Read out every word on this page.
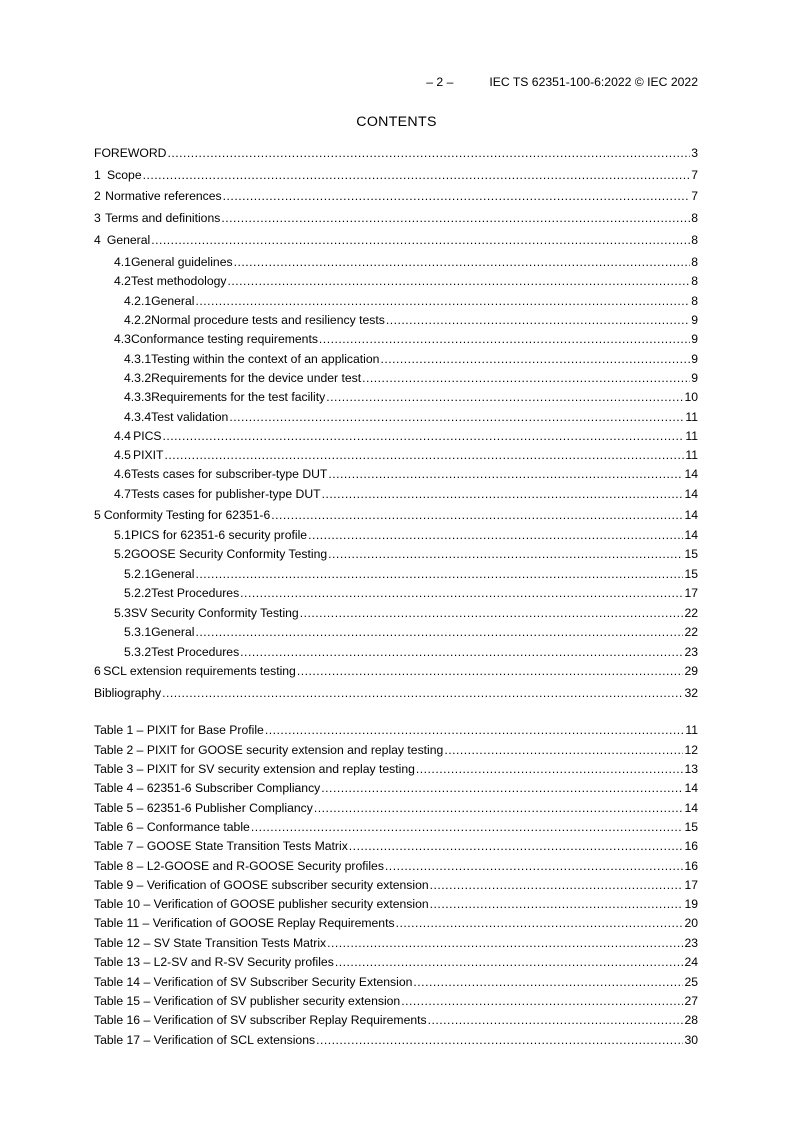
– 2 –	IEC TS 62351-100-6:2022 © IEC 2022
CONTENTS
FOREWORD .....	3
1 Scope .....	7
2 Normative references .....	7
3 Terms and definitions .....	8
4 General .....	8
4.1 General guidelines .....	8
4.2 Test methodology .....	8
4.2.1 General .....	8
4.2.2 Normal procedure tests and resiliency tests .....	9
4.3 Conformance testing requirements .....	9
4.3.1 Testing within the context of an application .....	9
4.3.2 Requirements for the device under test .....	9
4.3.3 Requirements for the test facility .....	10
4.3.4 Test validation .....	11
4.4 PICS .....	11
4.5 PIXIT .....	11
4.6 Tests cases for subscriber-type DUT .....	14
4.7 Tests cases for publisher-type DUT .....	14
5 Conformity Testing for 62351-6 .....	14
5.1 PICS for 62351-6 security profile .....	14
5.2 GOOSE Security Conformity Testing .....	15
5.2.1 General .....	15
5.2.2 Test Procedures .....	17
5.3 SV Security Conformity Testing .....	22
5.3.1 General .....	22
5.3.2 Test Procedures .....	23
6 SCL extension requirements testing .....	29
Bibliography .....	32
Table 1 – PIXIT for Base Profile .....	11
Table 2 – PIXIT for GOOSE security extension and replay testing .....	12
Table 3 – PIXIT for SV security extension and replay testing .....	13
Table 4 – 62351-6 Subscriber Compliancy .....	14
Table 5 – 62351-6 Publisher Compliancy .....	14
Table 6 – Conformance table .....	15
Table 7 – GOOSE State Transition Tests Matrix .....	16
Table 8 – L2-GOOSE and R-GOOSE Security profiles .....	16
Table 9 – Verification of GOOSE subscriber security extension .....	17
Table 10 – Verification of GOOSE publisher security extension .....	19
Table 11 – Verification of GOOSE Replay Requirements .....	20
Table 12 – SV State Transition Tests Matrix .....	23
Table 13 – L2-SV and R-SV Security profiles .....	24
Table 14 – Verification of SV Subscriber Security Extension .....	25
Table 15 – Verification of SV publisher security extension .....	27
Table 16 – Verification of SV subscriber Replay Requirements .....	28
Table 17 – Verification of SCL extensions .....	30
